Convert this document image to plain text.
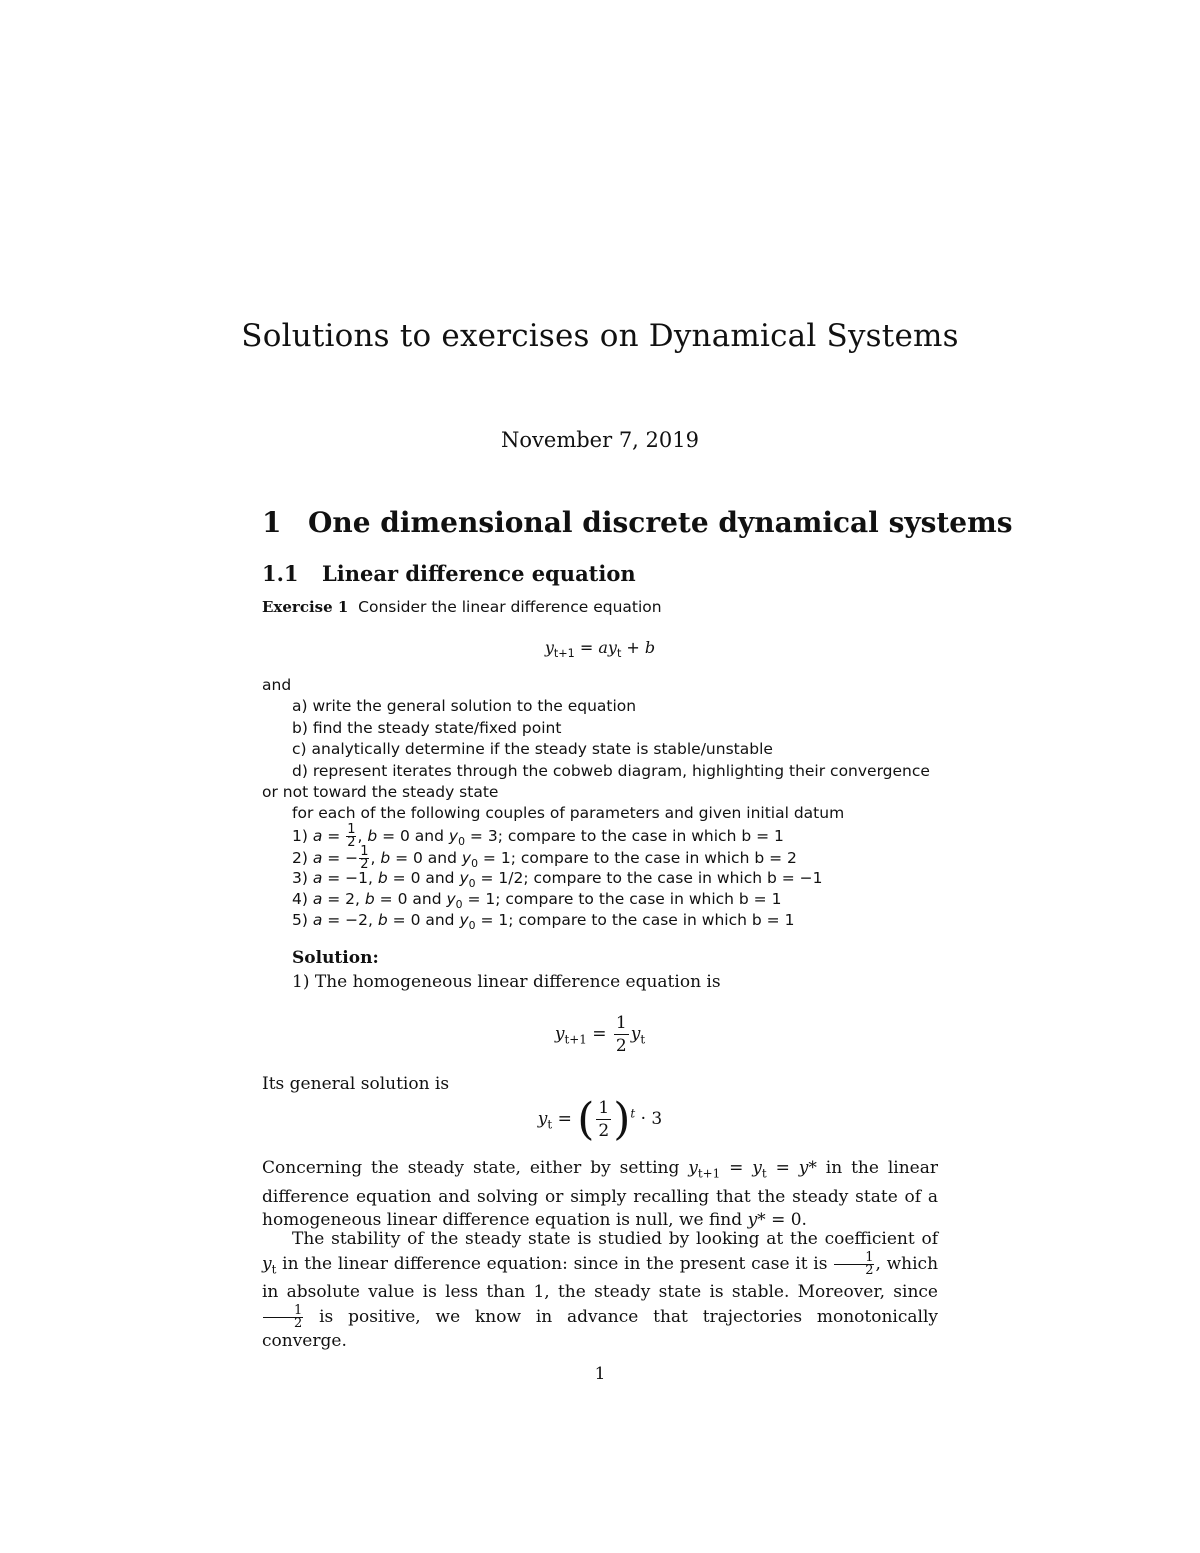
Solutions to exercises on Dynamical Systems
November 7, 2019
1 One dimensional discrete dynamical systems
1.1 Linear difference equation
Exercise 1 Consider the linear difference equation
$y_{t+1} = ay_t + b$
and
a) write the general solution to the equation
b) find the steady state/fixed point
c) analytically determine if the steady state is stable/unstable
d) represent iterates through the cobweb diagram, highlighting their convergence
or not toward the steady state
for each of the following couples of parameters and given initial datum
1) $a = \frac{1}{2}$ , b = 0 and $y_0 = 3$; compare to the case in which b = 1
2) a = − $\frac{1}{2}$ , b = 0 and $y_0 = 1$; compare to the case in which b = 2
3) a = −1, b = 0 and $y_0 = 1/2$; compare to the case in which b = −1
4) a = 2, b = 0 and $y_0 = 1$; compare to the case in which b = 1
5) a = −2, b = 0 and $y_0 = 1$; compare to the case in which b = 1
Solution:
1) The homogeneous linear difference equation is
$y_{t+1} = \frac{1}{2} y_t$
Its general solution is
$y_t$ = ( $\frac{1}{2} )^t \cdot 3$
Concerning the steady state, either by setting $y_{t+1} = y_t = y*$ in the linear difference equation and solving or simply recalling that the steady state of a homogeneous linear difference equation is null, we find y* = 0.
The stability of the steady state is studied by looking at the coefficient of $y_t$ in the linear difference equation: since in the present case it is $\frac{1}{2}$ , which in absolute value is less than 1, the steady state is stable. Moreover, since
$\frac{1}{2}$ is positive, we know in advance that trajectories monotonically converge.
1
